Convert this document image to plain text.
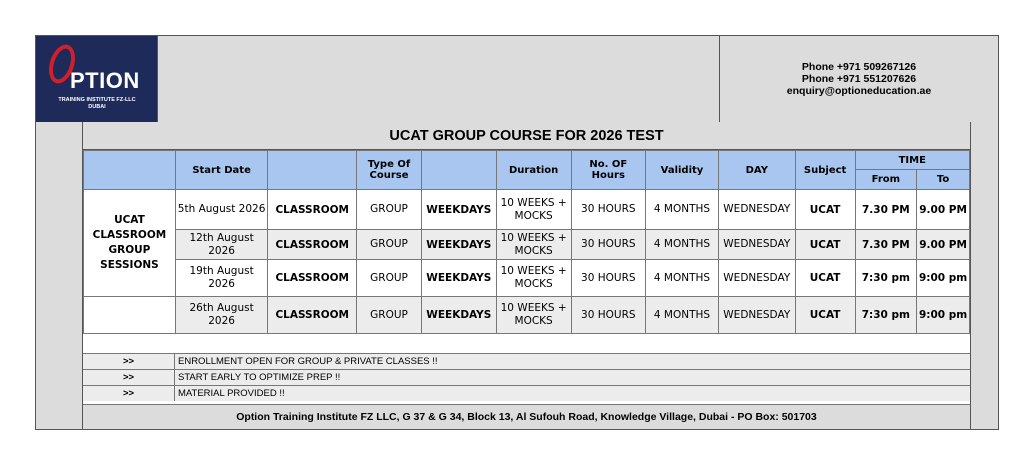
PTION
TRAINING INSTITUTE FZ-LLC
DUBAI
Phone +971 509267126
Phone +971 551207626
enquiry@optioneducation.ae
UCAT GROUP COURSE FOR 2026 TEST
	Start Date		Type Of Course		Duration	No. OF Hours	Validity	DAY	Subject	TIME	
										From	To
UCAT CLASSROOM GROUP SESSIONS	5th August 2026	CLASSROOM	GROUP	WEEKDAYS	10 WEEKS + MOCKS	30 HOURS	4 MONTHS	WEDNESDAY	UCAT	7.30 PM	9.00 PM
	12th August 2026	CLASSROOM	GROUP	WEEKDAYS	10 WEEKS + MOCKS	30 HOURS	4 MONTHS	WEDNESDAY	UCAT	7.30 PM	9.00 PM
	19th August 2026	CLASSROOM	GROUP	WEEKDAYS	10 WEEKS + MOCKS	30 HOURS	4 MONTHS	WEDNESDAY	UCAT	7:30 pm	9:00 pm
	26th August 2026	CLASSROOM	GROUP	WEEKDAYS	10 WEEKS + MOCKS	30 HOURS	4 MONTHS	WEDNESDAY	UCAT	7:30 pm	9:00 pm
>>	ENROLLMENT OPEN FOR GROUP & PRIVATE CLASSES !!
>>	START EARLY TO OPTIMIZE PREP !!
>>	MATERIAL PROVIDED !!
Option Training Institute FZ LLC, G 37 & G 34, Block 13, Al Sufouh Road, Knowledge Village, Dubai - PO Box: 501703
